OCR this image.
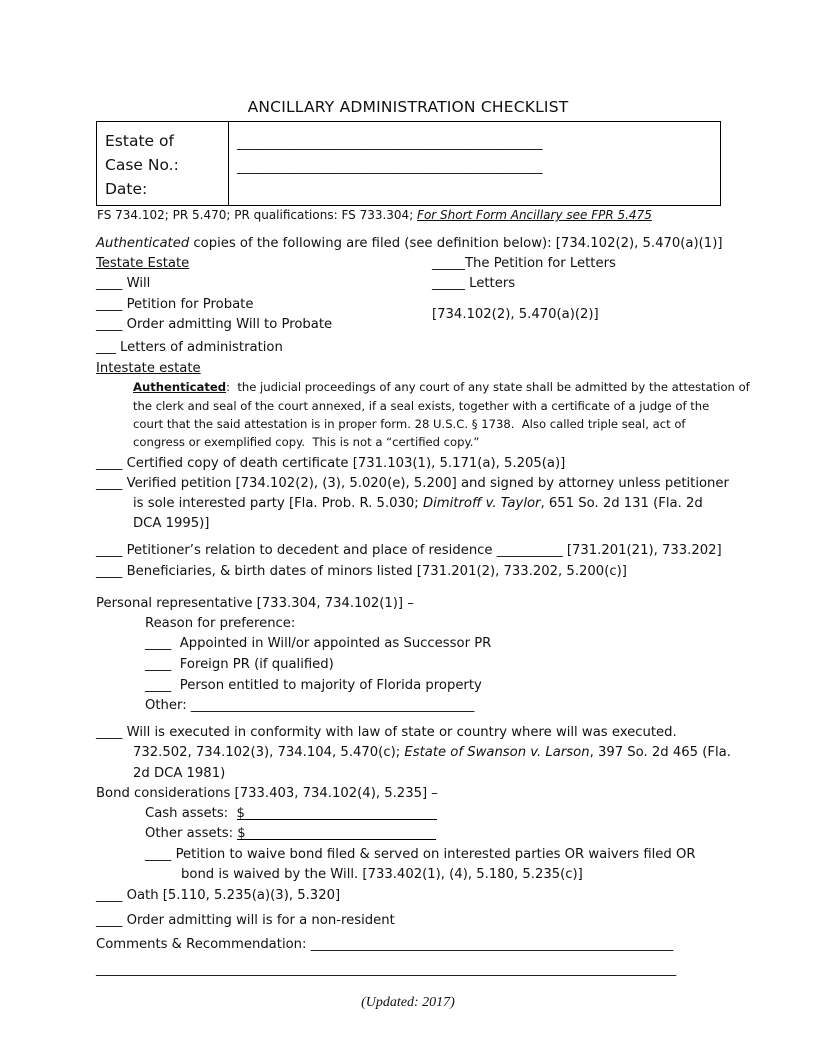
ANCILLARY ADMINISTRATION CHECKLIST
Estate of
Case No.:
Date:
_______________________________________________
_______________________________________________
FS 734.102; PR 5.470; PR qualifications: FS 733.304; For Short Form Ancillary see FPR 5.475
Authenticated copies of the following are filed (see definition below): [734.102(2), 5.470(a)(1)]
Testate Estate
____ Will
____ Petition for Probate
____ Order admitting Will to Probate
___ Letters of administration
_____The Petition for Letters
_____ Letters
[734.102(2), 5.470(a)(2)]
Intestate estate
Authenticated:  the judicial proceedings of any court of any state shall be admitted by the attestation of
the clerk and seal of the court annexed, if a seal exists, together with a certificate of a judge of the
court that the said attestation is in proper form. 28 U.S.C. § 1738.  Also called triple seal, act of
congress or exemplified copy.  This is not a “certified copy.”
____ Certified copy of death certificate [731.103(1), 5.171(a), 5.205(a)]
____ Verified petition [734.102(2), (3), 5.020(e), 5.200] and signed by attorney unless petitioner
is sole interested party [Fla. Prob. R. 5.030; Dimitroff v. Taylor, 651 So. 2d 131 (Fla. 2d
DCA 1995)]
____ Petitioner’s relation to decedent and place of residence __________ [731.201(21), 733.202]
____ Beneficiaries, & birth dates of minors listed [731.201(2), 733.202, 5.200(c)]
Personal representative [733.304, 734.102(1)] –
Reason for preference:
____  Appointed in Will/or appointed as Successor PR
____  Foreign PR (if qualified)
____  Person entitled to majority of Florida property
Other: ___________________________________________
____ Will is executed in conformity with law of state or country where will was executed.
732.502, 734.102(3), 734.104, 5.470(c); Estate of Swanson v. Larson, 397 So. 2d 465 (Fla.
2d DCA 1981)
Bond considerations [733.403, 734.102(4), 5.235] –
Cash assets:  $
Other assets: $
____ Petition to waive bond filed & served on interested parties OR waivers filed OR
bond is waived by the Will. [733.402(1), (4), 5.180, 5.235(c)]
____ Oath [5.110, 5.235(a)(3), 5.320]
____ Order admitting will is for a non-resident
Comments & Recommendation: _______________________________________________________
________________________________________________________________________________________
(Updated: 2017)
